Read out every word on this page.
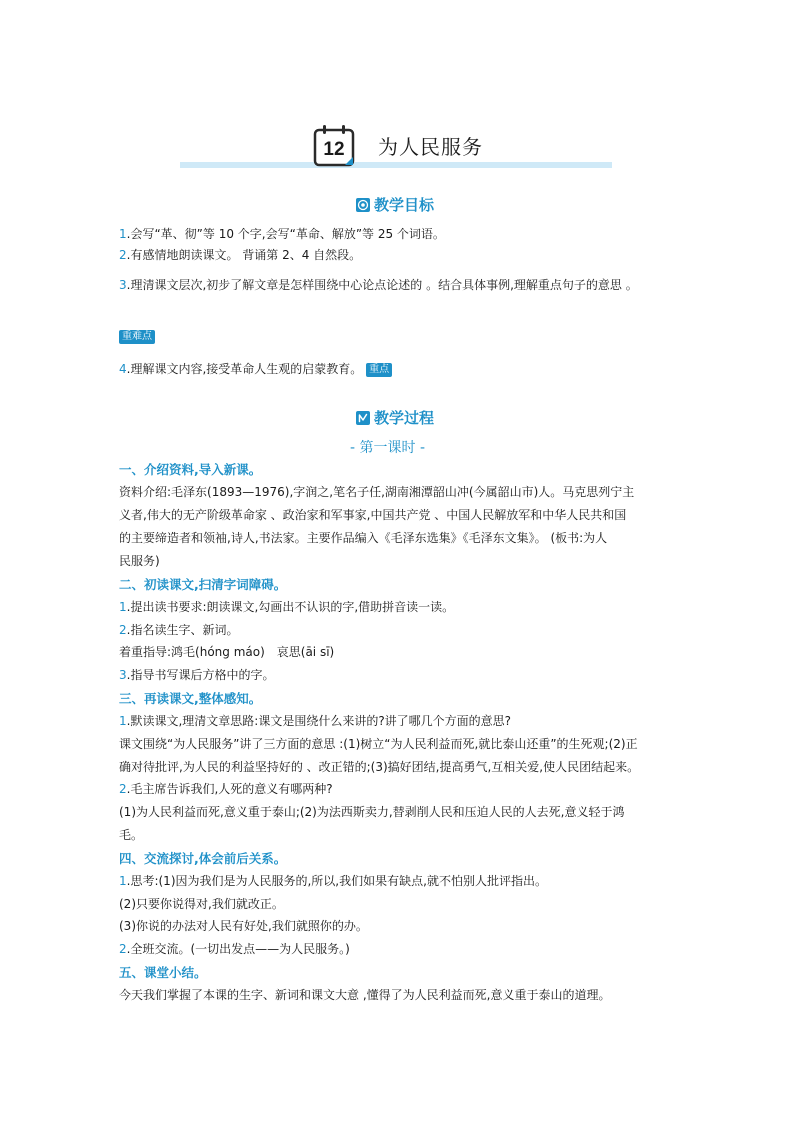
12 为人民服务
教学目标
1.会写“革、彻”等 10 个字,会写“革命、解放”等 25 个词语。
2.有感情地朗读课文。 背诵第 2、4 自然段。
3.理清课文层次,初步了解文章是怎样围绕中心论点论述的 。结合具体事例,理解重点句子的意思 。
重难点
4.理解课文内容,接受革命人生观的启蒙教育。 重点
教学过程
- 第一课时 -
一、介绍资料,导入新课。
资料介绍:毛泽东(1893—1976),字润之,笔名子任,湖南湘潭韶山冲(今属韶山市)人。马克思列宁主
义者,伟大的无产阶级革命家 、政治家和军事家,中国共产党 、中国人民解放军和中华人民共和国
的主要缔造者和领袖,诗人,书法家。主要作品编入《毛泽东选集》《毛泽东文集》。 (板书:为人
民服务)
二、初读课文,扫清字词障碍。
1.提出读书要求:朗读课文,勾画出不认识的字,借助拼音读一读。
2.指名读生字、新词。
着重指导:鸿毛(hóng máo)　哀思(āi sī)
3.指导书写课后方格中的字。
三、再读课文,整体感知。
1.默读课文,理清文章思路:课文是围绕什么来讲的?讲了哪几个方面的意思?
课文围绕“为人民服务”讲了三方面的意思 :(1)树立“为人民利益而死,就比泰山还重”的生死观;(2)正
确对待批评,为人民的利益坚持好的 、改正错的;(3)搞好团结,提高勇气,互相关爱,使人民团结起来。
2.毛主席告诉我们,人死的意义有哪两种?
(1)为人民利益而死,意义重于泰山;(2)为法西斯卖力,替剥削人民和压迫人民的人去死,意义轻于鸿
毛。
四、交流探讨,体会前后关系。
1.思考:(1)因为我们是为人民服务的,所以,我们如果有缺点,就不怕别人批评指出。
(2)只要你说得对,我们就改正。
(3)你说的办法对人民有好处,我们就照你的办。
2.全班交流。(一切出发点——为人民服务。)
五、课堂小结。
今天我们掌握了本课的生字、新词和课文大意 ,懂得了为人民利益而死,意义重于泰山的道理。
